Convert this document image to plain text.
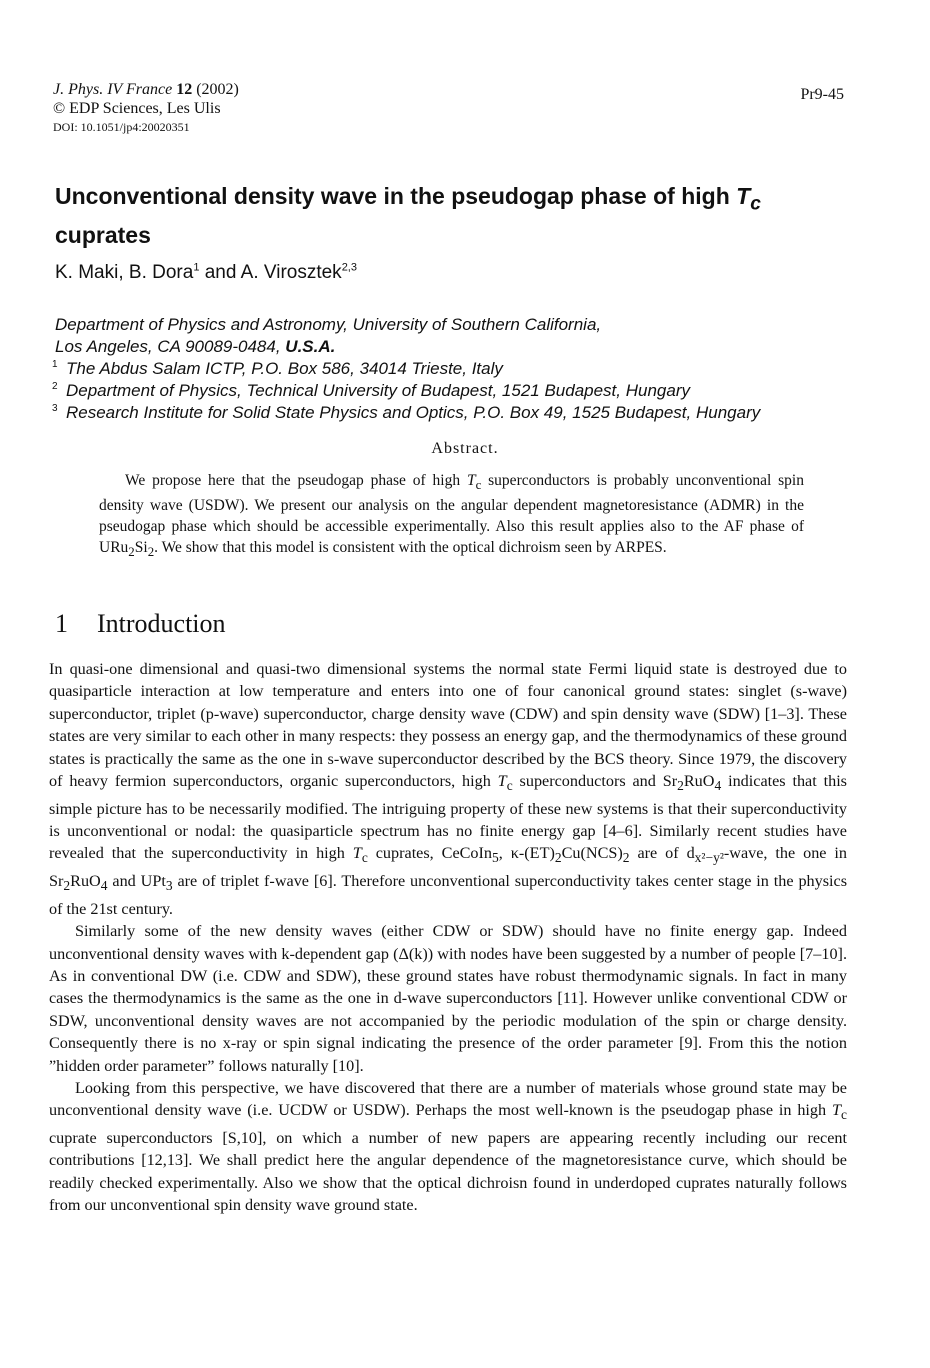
J. Phys. IV France 12 (2002)
© EDP Sciences, Les Ulis
DOI: 10.1051/jp4:20020351
Pr9-45
Unconventional density wave in the pseudogap phase of high $T_c$
cuprates
K. Maki, B. Dora$^1$ and A. Virosztek$^{2,3}$
Department of Physics and Astronomy, University of Southern California,
Los Angeles, CA 90089-0484, U.S.A.
1 The Abdus Salam ICTP, P.O. Box 586, 34014 Trieste, Italy
2 Department of Physics, Technical University of Budapest, 1521 Budapest, Hungary
3 Research Institute for Solid State Physics and Optics, P.O. Box 49, 1525 Budapest, Hungary
Abstract.
We propose here that the pseudogap phase of high $T_c$ superconductors is probably unconventional spin density wave (USDW). We present our analysis on the angular dependent magnetoresistance (ADMR) in the pseudogap phase which should be accessible experimentally. Also this result applies also to the AF phase of $URu_2Si_2$. We show that this model is consistent with the optical dichroism seen by ARPES.
1 Introduction

In quasi-one dimensional and quasi-two dimensional systems the normal state Fermi liquid state is destroyed due to quasiparticle interaction at low temperature and enters into one of four canonical ground states: singlet (s-wave) superconductor, triplet (p-wave) superconductor, charge density wave (CDW) and spin density wave (SDW) [1–3]. These states are very similar to each other in many respects: they possess an energy gap, and the thermodynamics of these ground states is practically the same as the one in s-wave superconductor described by the BCS theory. Since 1979, the discovery of heavy fermion superconductors, organic superconductors, high $T_c$ superconductors and $Sr_2RuO_4$ indicates that this simple picture has to be necessarily modified. The intriguing property of these new systems is that their superconductivity is unconventional or nodal: the quasiparticle spectrum has no finite energy gap [4–6]. Similarly recent studies have revealed that the superconductivity in high $T_c$ cuprates, CeCoIn$_5$, $\kappa-(ET)_2Cu(NCS)_2$ are of $d_{x^2-y^2}$-wave, the one in $Sr_2RuO_4$ and UPt$_3$ are of triplet f-wave [6]. Therefore unconventional superconductivity takes center stage in the physics of the 21st century.

Similarly some of the new density waves (either CDW or SDW) should have no finite energy gap. Indeed unconventional density waves with k-dependent gap (Δ(k)) with nodes have been suggested by a number of people [7–10]. As in conventional DW (i.e. CDW and SDW), these ground states have robust thermodynamic signals. In fact in many cases the thermodynamics is the same as the one in d-wave superconductors [11]. However unlike conventional CDW or SDW, unconventional density waves are not accompanied by the periodic modulation of the spin or charge density. Consequently there is no x-ray or spin signal indicating the presence of the order parameter [9]. From this the notion ”hidden order parameter” follows naturally [10].

Looking from this perspective, we have discovered that there are a number of materials whose ground state may be unconventional density wave (i.e. UCDW or USDW). Perhaps the most well-known is the pseudogap phase in high $T_c$ cuprate superconductors [S,10], on which a number of new papers are appearing recently including our recent contributions [12,13]. We shall predict here the angular dependence of the magnetoresistance curve, which should be readily checked experimentally. Also we show that the optical dichroisn found in underdoped cuprates naturally follows from our unconventional spin density wave ground state.
